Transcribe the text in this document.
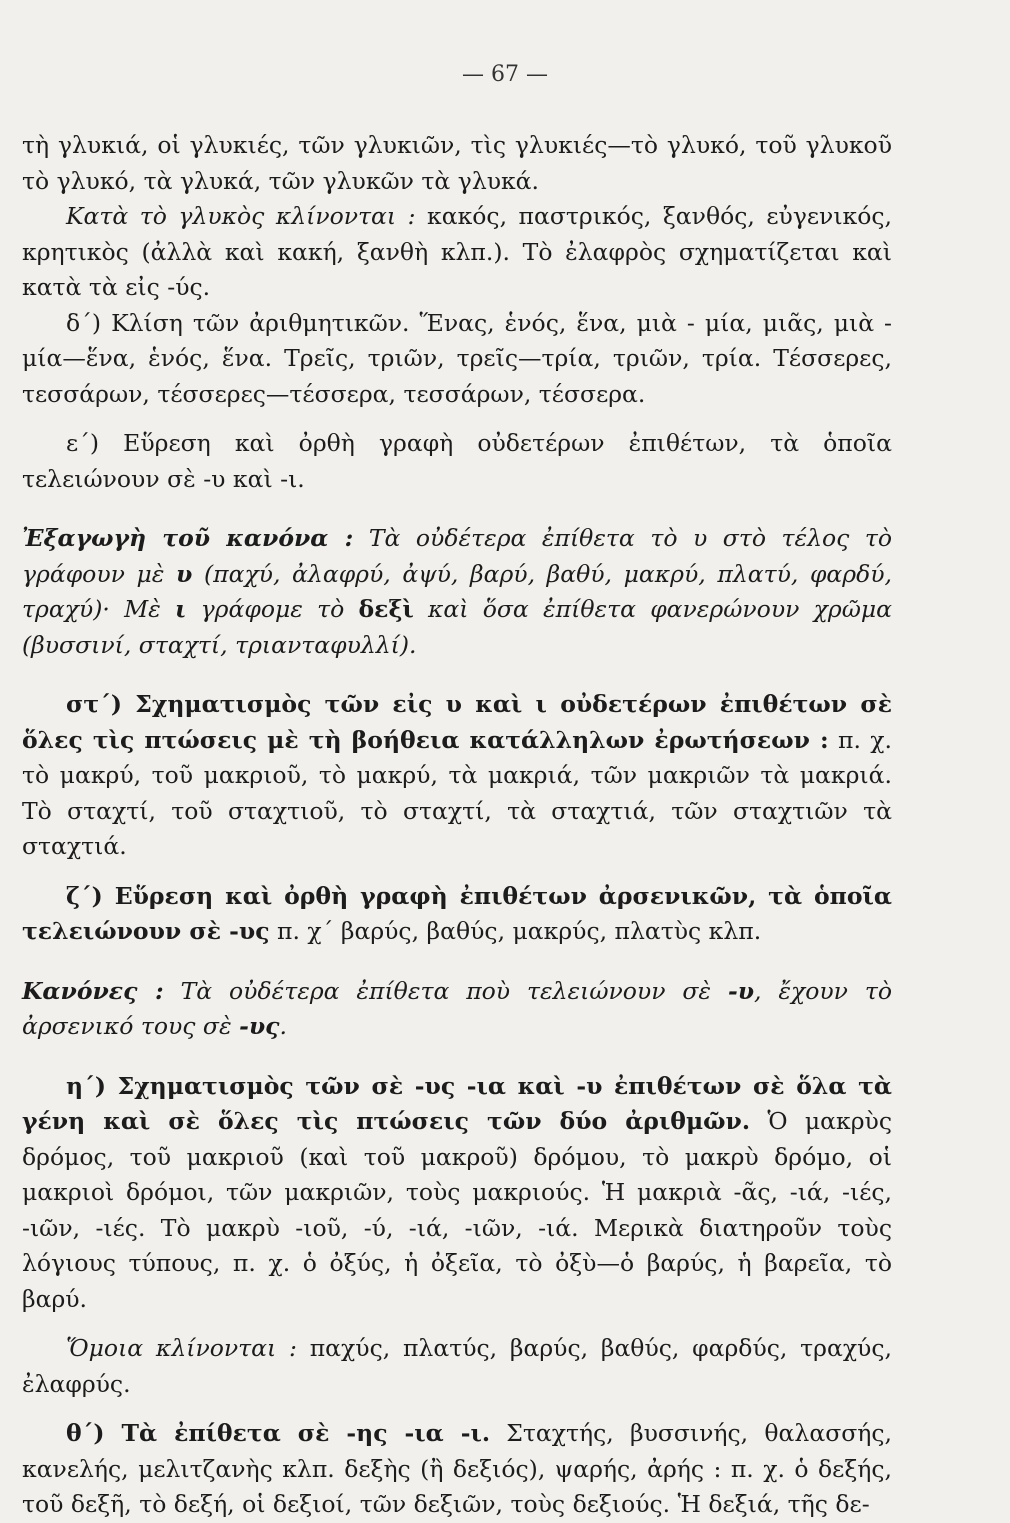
— 67 —

τὴ γλυκιά, οἱ γλυκιές, τῶν γλυκιῶν, τὶς γλυκιές—τὸ γλυκό, τοῦ γλυκοῦ τὸ γλυκό, τὰ γλυκά, τῶν γλυκῶν τὰ γλυκά.

Κατὰ τὸ γλυκὸς κλίνονται : κακός, παστρικός, ξανθός, εὐγενικός, κρητικὸς (ἀλλὰ καὶ κακή, ξανθὴ κλπ.). Τὸ ἐλαφρὸς σχηματίζεται καὶ κατὰ τὰ εἰς -ύς.

δ΄) Κλίση τῶν ἀριθμητικῶν. Ἕνας, ἑνός, ἕνα, μιὰ - μία, μιᾶς, μιὰ - μία—ἕνα, ἑνός, ἕνα. Τρεῖς, τριῶν, τρεῖς—τρία, τριῶν, τρία. Τέσσερες, τεσσάρων, τέσσερες—τέσσερα, τεσσάρων, τέσσερα.

ε΄) Εὕρεση καὶ ὀρθὴ γραφὴ οὐδετέρων ἐπιθέτων, τὰ ὁποῖα τελειώνουν σὲ -υ καὶ -ι.

Ἐξαγωγὴ τοῦ κανόνα : Τὰ οὐδέτερα ἐπίθετα τὸ υ στὸ τέλος τὸ γράφουν μὲ υ (παχύ, ἀλαφρύ, ἀψύ, βαρύ, βαθύ, μακρύ, πλατύ, φαρδύ, τραχύ)· Μὲ ι γράφομε τὸ δεξὶ καὶ ὅσα ἐπίθετα φανερώνουν χρῶμα (βυσσινί, σταχτί, τριανταφυλλί).

στ΄) Σχηματισμὸς τῶν εἰς υ καὶ ι οὐδετέρων ἐπιθέτων σὲ ὅλες τὶς πτώσεις μὲ τὴ βοήθεια κατάλληλων ἐρωτήσεων : π. χ. τὸ μακρύ, τοῦ μακριοῦ, τὸ μακρύ, τὰ μακριά, τῶν μακριῶν τὰ μακριά. Τὸ σταχτί, τοῦ σταχτιοῦ, τὸ σταχτί, τὰ σταχτιά, τῶν σταχτιῶν τὰ σταχτιά.

ζ΄) Εὕρεση καὶ ὀρθὴ γραφὴ ἐπιθέτων ἀρσενικῶν, τὰ ὁποῖα τελειώνουν σὲ -υς π. χ΄ βαρύς, βαθύς, μακρύς, πλατὺς κλπ.

Κανόνες : Τὰ οὐδέτερα ἐπίθετα ποὺ τελειώνουν σὲ -υ, ἔχουν τὸ ἀρσενικό τους σὲ -υς.

η΄) Σχηματισμὸς τῶν σὲ -υς -ια καὶ -υ ἐπιθέτων σὲ ὅλα τὰ γένη καὶ σὲ ὅλες τὶς πτώσεις τῶν δύο ἀριθμῶν. Ὁ μακρὺς δρόμος, τοῦ μακριοῦ (καὶ τοῦ μακροῦ) δρόμου, τὸ μακρὺ δρόμο, οἱ μακριοὶ δρόμοι, τῶν μακριῶν, τοὺς μακριούς. Ἡ μακριὰ -ᾶς, -ιά, -ιές, -ιῶν, -ιές. Τὸ μακρὺ -ιοῦ, -ύ, -ιά, -ιῶν, -ιά. Μερικὰ διατηροῦν τοὺς λόγιους τύπους, π. χ. ὁ ὀξύς, ἡ ὀξεῖα, τὸ ὀξὺ—ὁ βαρύς, ἡ βαρεῖα, τὸ βαρύ.

Ὅμοια κλίνονται : παχύς, πλατύς, βαρύς, βαθύς, φαρδύς, τραχύς, ἐλαφρύς.

θ΄) Τὰ ἐπίθετα σὲ -ης -ια -ι. Σταχτής, βυσσινής, θαλασσής, κανελής, μελιτζανὴς κλπ. δεξὴς (ἢ δεξιός), ψαρής, ἀρής : π. χ. ὁ δεξής, τοῦ δεξῆ, τὸ δεξή, οἱ δεξιοί, τῶν δεξιῶν, τοὺς δεξιούς. Ἡ δεξιά, τῆς δε-
